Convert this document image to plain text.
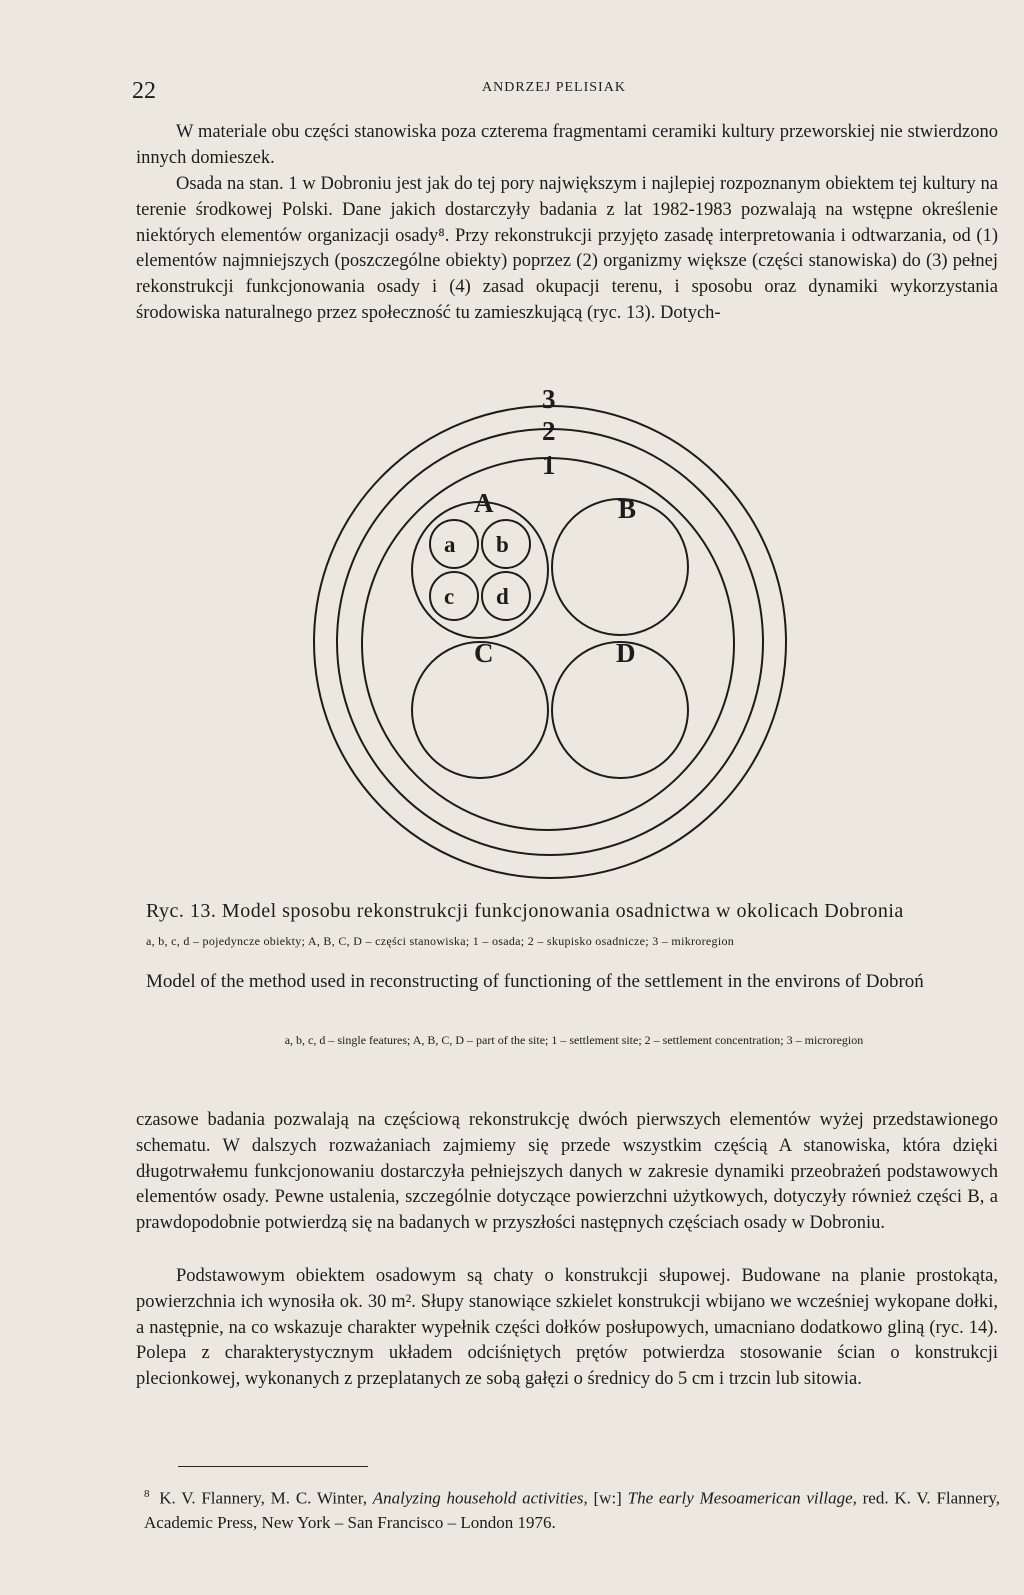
22	ANDRZEJ PELISIAK

W materiale obu części stanowiska poza czterema fragmentami ceramiki kultury przeworskiej nie stwierdzono innych domieszek.

Osada na stan. 1 w Dobroniu jest jak do tej pory największym i najlepiej rozpoznanym obiektem tej kultury na terenie środkowej Polski. Dane jakich dostarczyły badania z lat 1982-1983 pozwalają na wstępne określenie niektórych elementów organizacji osady⁸. Przy rekonstrukcji przyjęto zasadę interpretowania i odtwarzania, od (1) elementów najmniejszych (poszczególne obiekty) poprzez (2) organizmy większe (części stanowiska) do (3) pełnej rekonstrukcji funkcjonowania osady i (4) zasad okupacji terenu, i sposobu oraz dynamiki wykorzystania środowiska naturalnego przez społeczność tu zamieszkującą (ryc. 13). Dotych-

3
2
1
A	B
C	D
a b
c d

Ryc. 13. Model sposobu rekonstrukcji funkcjonowania osadnictwa w okolicach Dobronia

a, b, c, d – pojedyncze obiekty; A, B, C, D – części stanowiska; 1 – osada; 2 – skupisko osadnicze; 3 – mikroregion

Model of the method used in reconstructing of functioning of the settlement in the environs of Dobroń

a, b, c, d – single features; A, B, C, D – part of the site; 1 – settlement site; 2 – settlement concentration; 3 – microregion

czasowe badania pozwalają na częściową rekonstrukcję dwóch pierwszych elementów wyżej przedstawionego schematu. W dalszych rozważaniach zajmiemy się przede wszystkim częścią A stanowiska, która dzięki długotrwałemu funkcjonowaniu dostarczyła pełniejszych danych w zakresie dynamiki przeobrażeń podstawowych elementów osady. Pewne ustalenia, szczególnie dotyczące powierzchni użytkowych, dotyczyły również części B, a prawdopodobnie potwierdzą się na badanych w przyszłości następnych częściach osady w Dobroniu.

Podstawowym obiektem osadowym są chaty o konstrukcji słupowej. Budowane na planie prostokąta, powierzchnia ich wynosiła ok. 30 m². Słupy stanowiące szkielet konstrukcji wbijano we wcześniej wykopane dołki, a następnie, na co wskazuje charakter wypełnik części dołków posłupowych, umacniano dodatkowo gliną (ryc. 14). Polepa z charakterystycznym układem odciśniętych prętów potwierdza stosowanie ścian o konstrukcji plecionkowej, wykonanych z przeplatanych ze sobą gałęzi o średnicy do 5 cm i trzcin lub sitowia.

$^8$ K. V. Flannery, M. C. Winter, Analyzing household activities, [w:] The early Mesoamerican village, red. K. V. Flannery, Academic Press, New York – San Francisco – London 1976.
